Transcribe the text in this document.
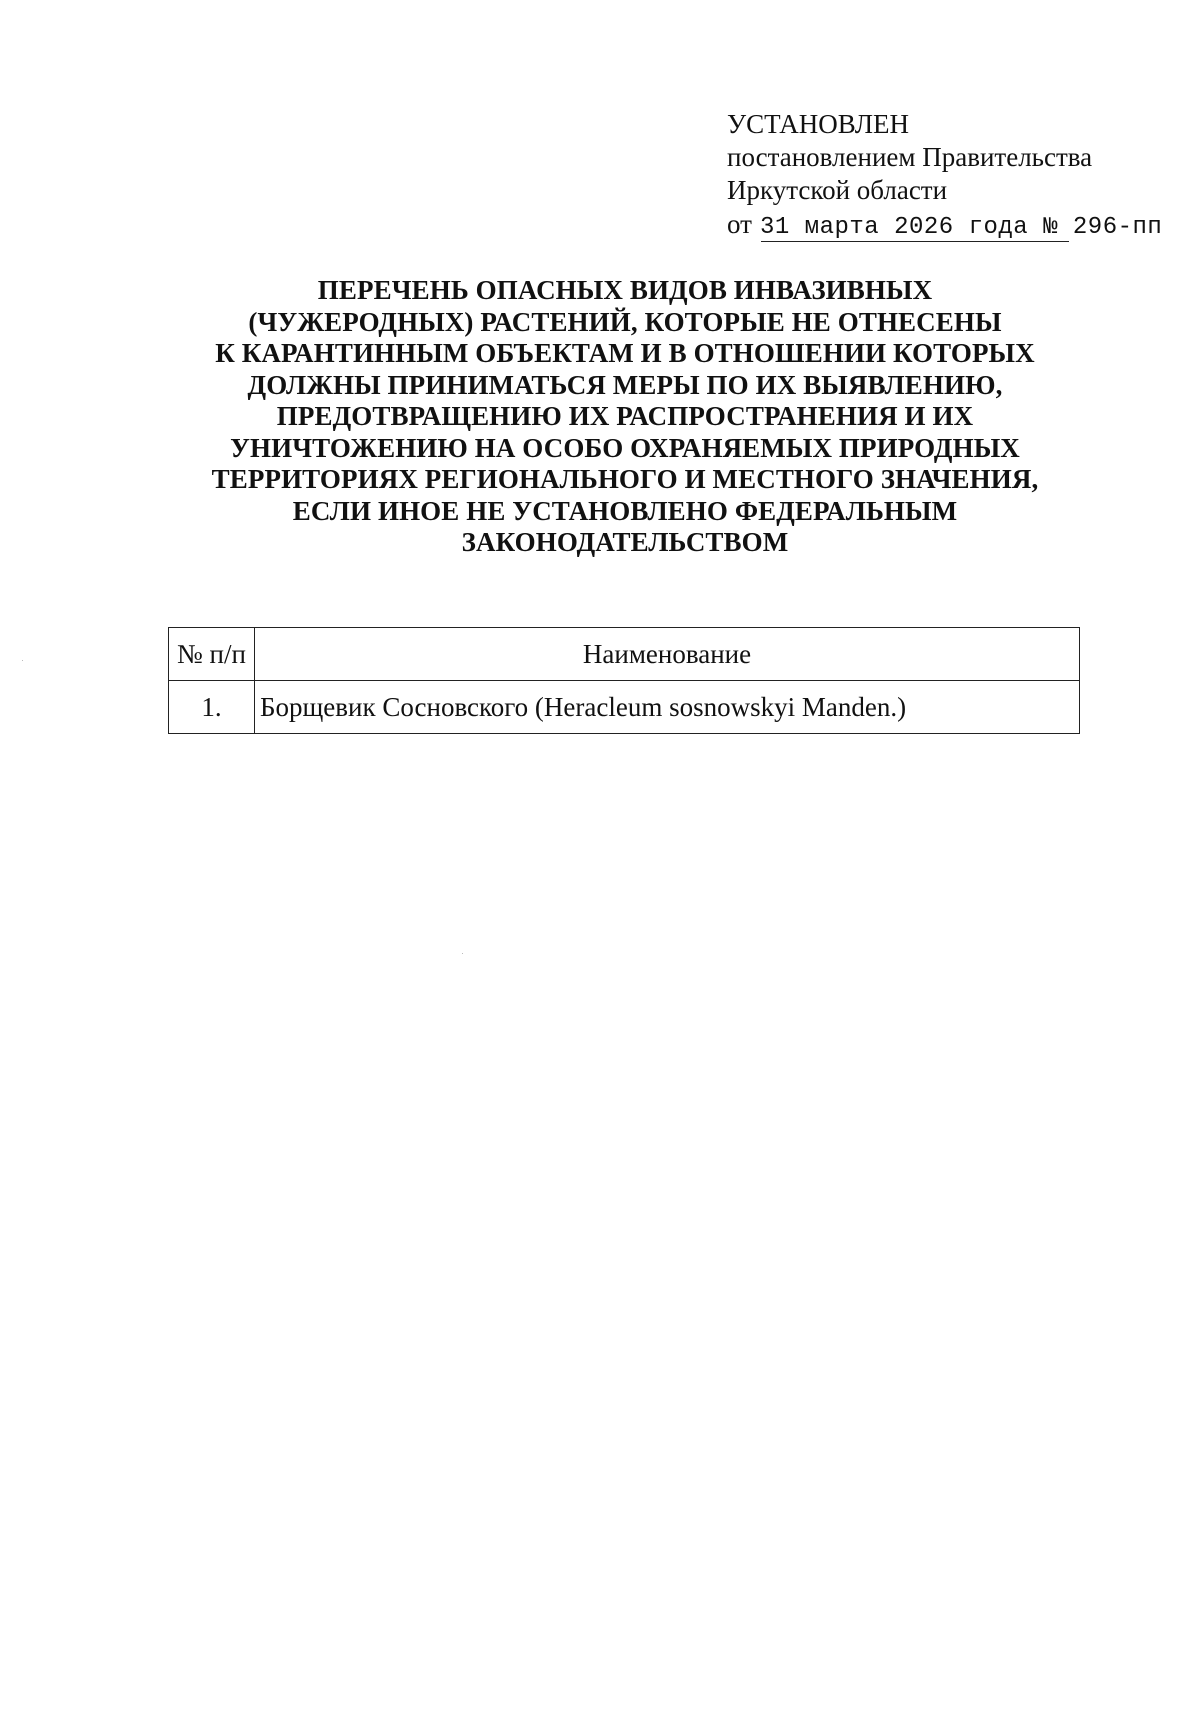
УСТАНОВЛЕН
постановлением Правительства
Иркутской области
от 31 марта 2026 года № 296-пп
ПЕРЕЧЕНЬ ОПАСНЫХ ВИДОВ ИНВАЗИВНЫХ
(ЧУЖЕРОДНЫХ) РАСТЕНИЙ, КОТОРЫЕ НЕ ОТНЕСЕНЫ
К КАРАНТИННЫМ ОБЪЕКТАМ И В ОТНОШЕНИИ КОТОРЫХ
ДОЛЖНЫ ПРИНИМАТЬСЯ МЕРЫ ПО ИХ ВЫЯВЛЕНИЮ,
ПРЕДОТВРАЩЕНИЮ ИХ РАСПРОСТРАНЕНИЯ И ИХ
УНИЧТОЖЕНИЮ НА ОСОБО ОХРАНЯЕМЫХ ПРИРОДНЫХ
ТЕРРИТОРИЯХ РЕГИОНАЛЬНОГО И МЕСТНОГО ЗНАЧЕНИЯ,
ЕСЛИ ИНОЕ НЕ УСТАНОВЛЕНО ФЕДЕРАЛЬНЫМ
ЗАКОНОДАТЕЛЬСТВОМ
№ п/п	Наименование
1.	Борщевик Сосновского (Heracleum sosnowskyi Manden.)
